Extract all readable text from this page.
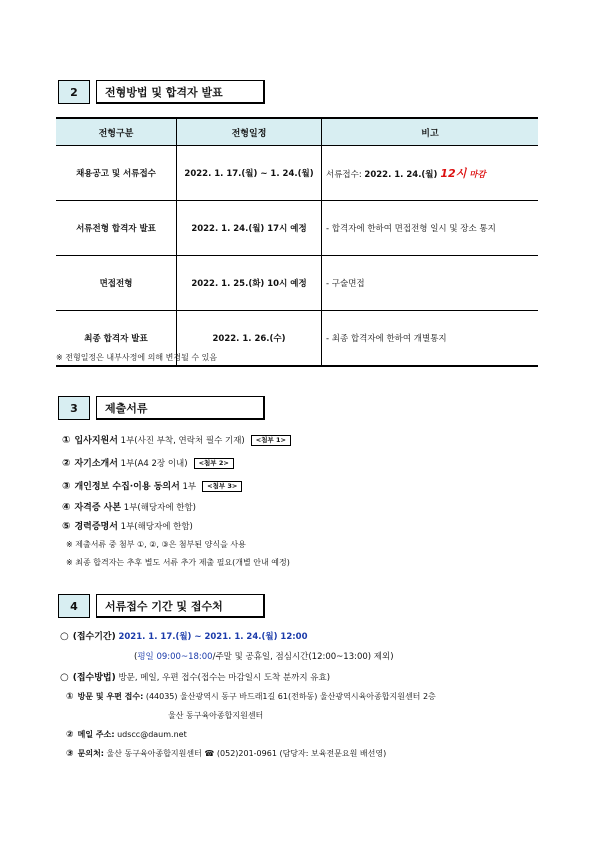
2	전형방법 및 합격자 발표
전형구분	전형일정	비고
채용공고 및 서류접수	2022. 1. 17.(월) ~ 1. 24.(월)	서류접수: 2022. 1. 24.(월) 12시 마감
서류전형 합격자 발표	2022. 1. 24.(월) 17시 예정	- 합격자에 한하여 면접전형 일시 및 장소 통지
면접전형	2022. 1. 25.(화) 10시 예정	- 구술면접
최종 합격자 발표	2022. 1. 26.(수)	- 최종 합격자에 한하여 개별통지
※ 전형일정은 내부사정에 의해 변경될 수 있음
3	제출서류
① 입사지원서 1부(사진 부착, 연락처 필수 기재) <첨부 1>
② 자기소개서 1부(A4 2장 이내) <첨부 2>
③ 개인정보 수집·이용 동의서 1부 <첨부 3>
④ 자격증 사본 1부(해당자에 한함)
⑤ 경력증명서 1부(해당자에 한함)
※ 제출서류 중 첨부 ①, ②, ③은 첨부된 양식을 사용
※ 최종 합격자는 추후 별도 서류 추가 제출 필요(개별 안내 예정)
4	서류접수 기간 및 접수처
○ (접수기간) 2021. 1. 17.(월) ~ 2021. 1. 24.(월) 12:00
(평일 09:00~18:00/주말 및 공휴일, 점심시간(12:00~13:00) 제외)
○ (접수방법) 방문, 메일, 우편 접수(접수는 마감일시 도착 분까지 유효)
① 방문 및 우편 접수: (44035) 울산광역시 동구 바드래1길 61(전하동) 울산광역시육아종합지원센터 2층
울산 동구육아종합지원센터
② 메일 주소: udscc@daum.net
③ 문의처: 울산 동구육아종합지원센터 ☎ (052)201-0961 (담당자: 보육전문요원 배선영)
